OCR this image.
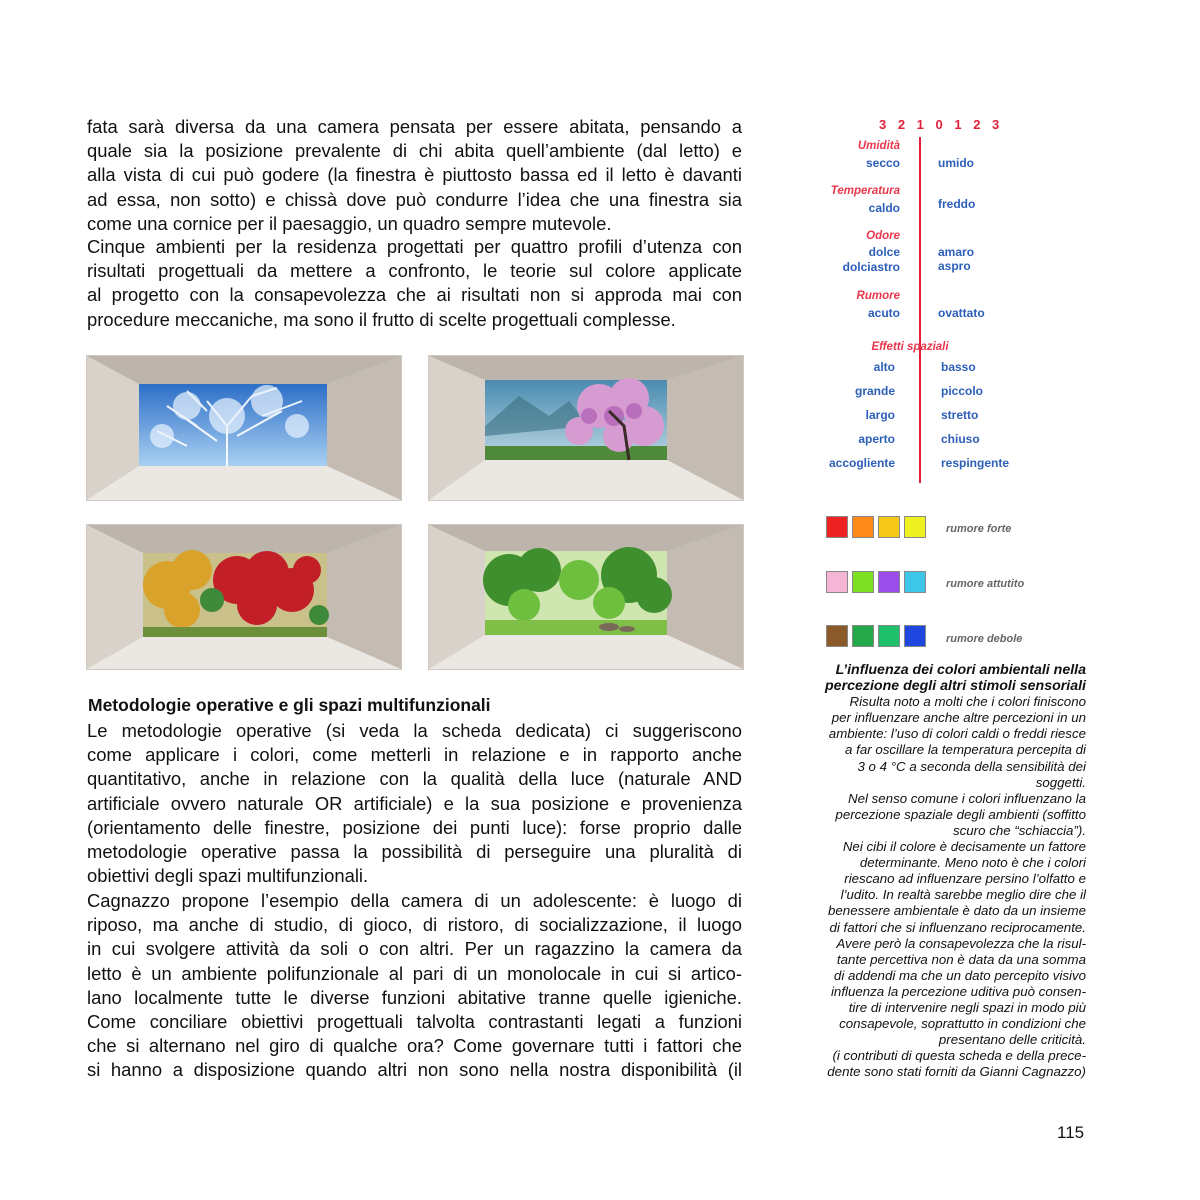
fata sarà diversa da una camera pensata per essere abitata, pensando a
quale sia la posizione prevalente di chi abita quell’ambiente (dal letto) e
alla vista di cui può godere (la finestra è piuttosto bassa ed il letto è davanti
ad essa, non sotto) e chissà dove può condurre l’idea che una finestra sia
come una cornice per il paesaggio, un quadro sempre mutevole.
Cinque ambienti per la residenza progettati per quattro profili d’utenza con
risultati progettuali da mettere a confronto, le teorie sul colore applicate
al progetto con la consapevolezza che ai risultati non si approda mai con
procedure meccaniche, ma sono il frutto di scelte progettuali complesse.
Metodologie operative e gli spazi multifunzionali
Le metodologie operative (si veda la scheda dedicata) ci suggeriscono
come applicare i colori, come metterli in relazione e in rapporto anche
quantitativo, anche in relazione con la qualità della luce (naturale AND
artificiale ovvero naturale OR artificiale) e la sua posizione e provenienza
(orientamento delle finestre, posizione dei punti luce): forse proprio dalle
metodologie operative passa la possibilità di perseguire una pluralità di
obiettivi degli spazi multifunzionali.
Cagnazzo propone l’esempio della camera di un adolescente: è luogo di
riposo, ma anche di studio, di gioco, di ristoro, di socializzazione, il luogo
in cui svolgere attività da soli o con altri. Per un ragazzino la camera da
letto è un ambiente polifunzionale al pari di un monolocale in cui si artico-
lano localmente tutte le diverse funzioni abitative tranne quelle igieniche.
Come conciliare obiettivi progettuali talvolta contrastanti legati a funzioni
che si alternano nel giro di qualche ora? Come governare tutti i fattori che
si hanno a disposizione quando altri non sono nella nostra disponibilità (il
3 2 1 0 1 2 3
Umidità
secco	umido
Temperatura
caldo	freddo
Odore
dolce	amaro
dolciastro	aspro
Rumore
acuto	ovattato
Effetti spaziali
alto	basso
grande	piccolo
largo	stretto
aperto	chiuso
accogliente	respingente
rumore forte
rumore attutito
rumore debole
L’influenza dei colori ambientali nella
percezione degli altri stimoli sensoriali
Risulta noto a molti che i colori finiscono
per influenzare anche altre percezioni in un
ambiente: l’uso di colori caldi o freddi riesce
a far oscillare la temperatura percepita di
3 o 4 °C a seconda della sensibilità dei
soggetti.
Nel senso comune i colori influenzano la
percezione spaziale degli ambienti (soffitto
scuro che “schiaccia”).
Nei cibi il colore è decisamente un fattore
determinante. Meno noto è che i colori
riescano ad influenzare persino l’olfatto e
l’udito. In realtà sarebbe meglio dire che il
benessere ambientale è dato da un insieme
di fattori che si influenzano reciprocamente.
Avere però la consapevolezza che la risul-
tante percettiva non è data da una somma
di addendi ma che un dato percepito visivo
influenza la percezione uditiva può consen-
tire di intervenire negli spazi in modo più
consapevole, soprattutto in condizioni che
presentano delle criticità.
(i contributi di questa scheda e della prece-
dente sono stati forniti da Gianni Cagnazzo)
115
